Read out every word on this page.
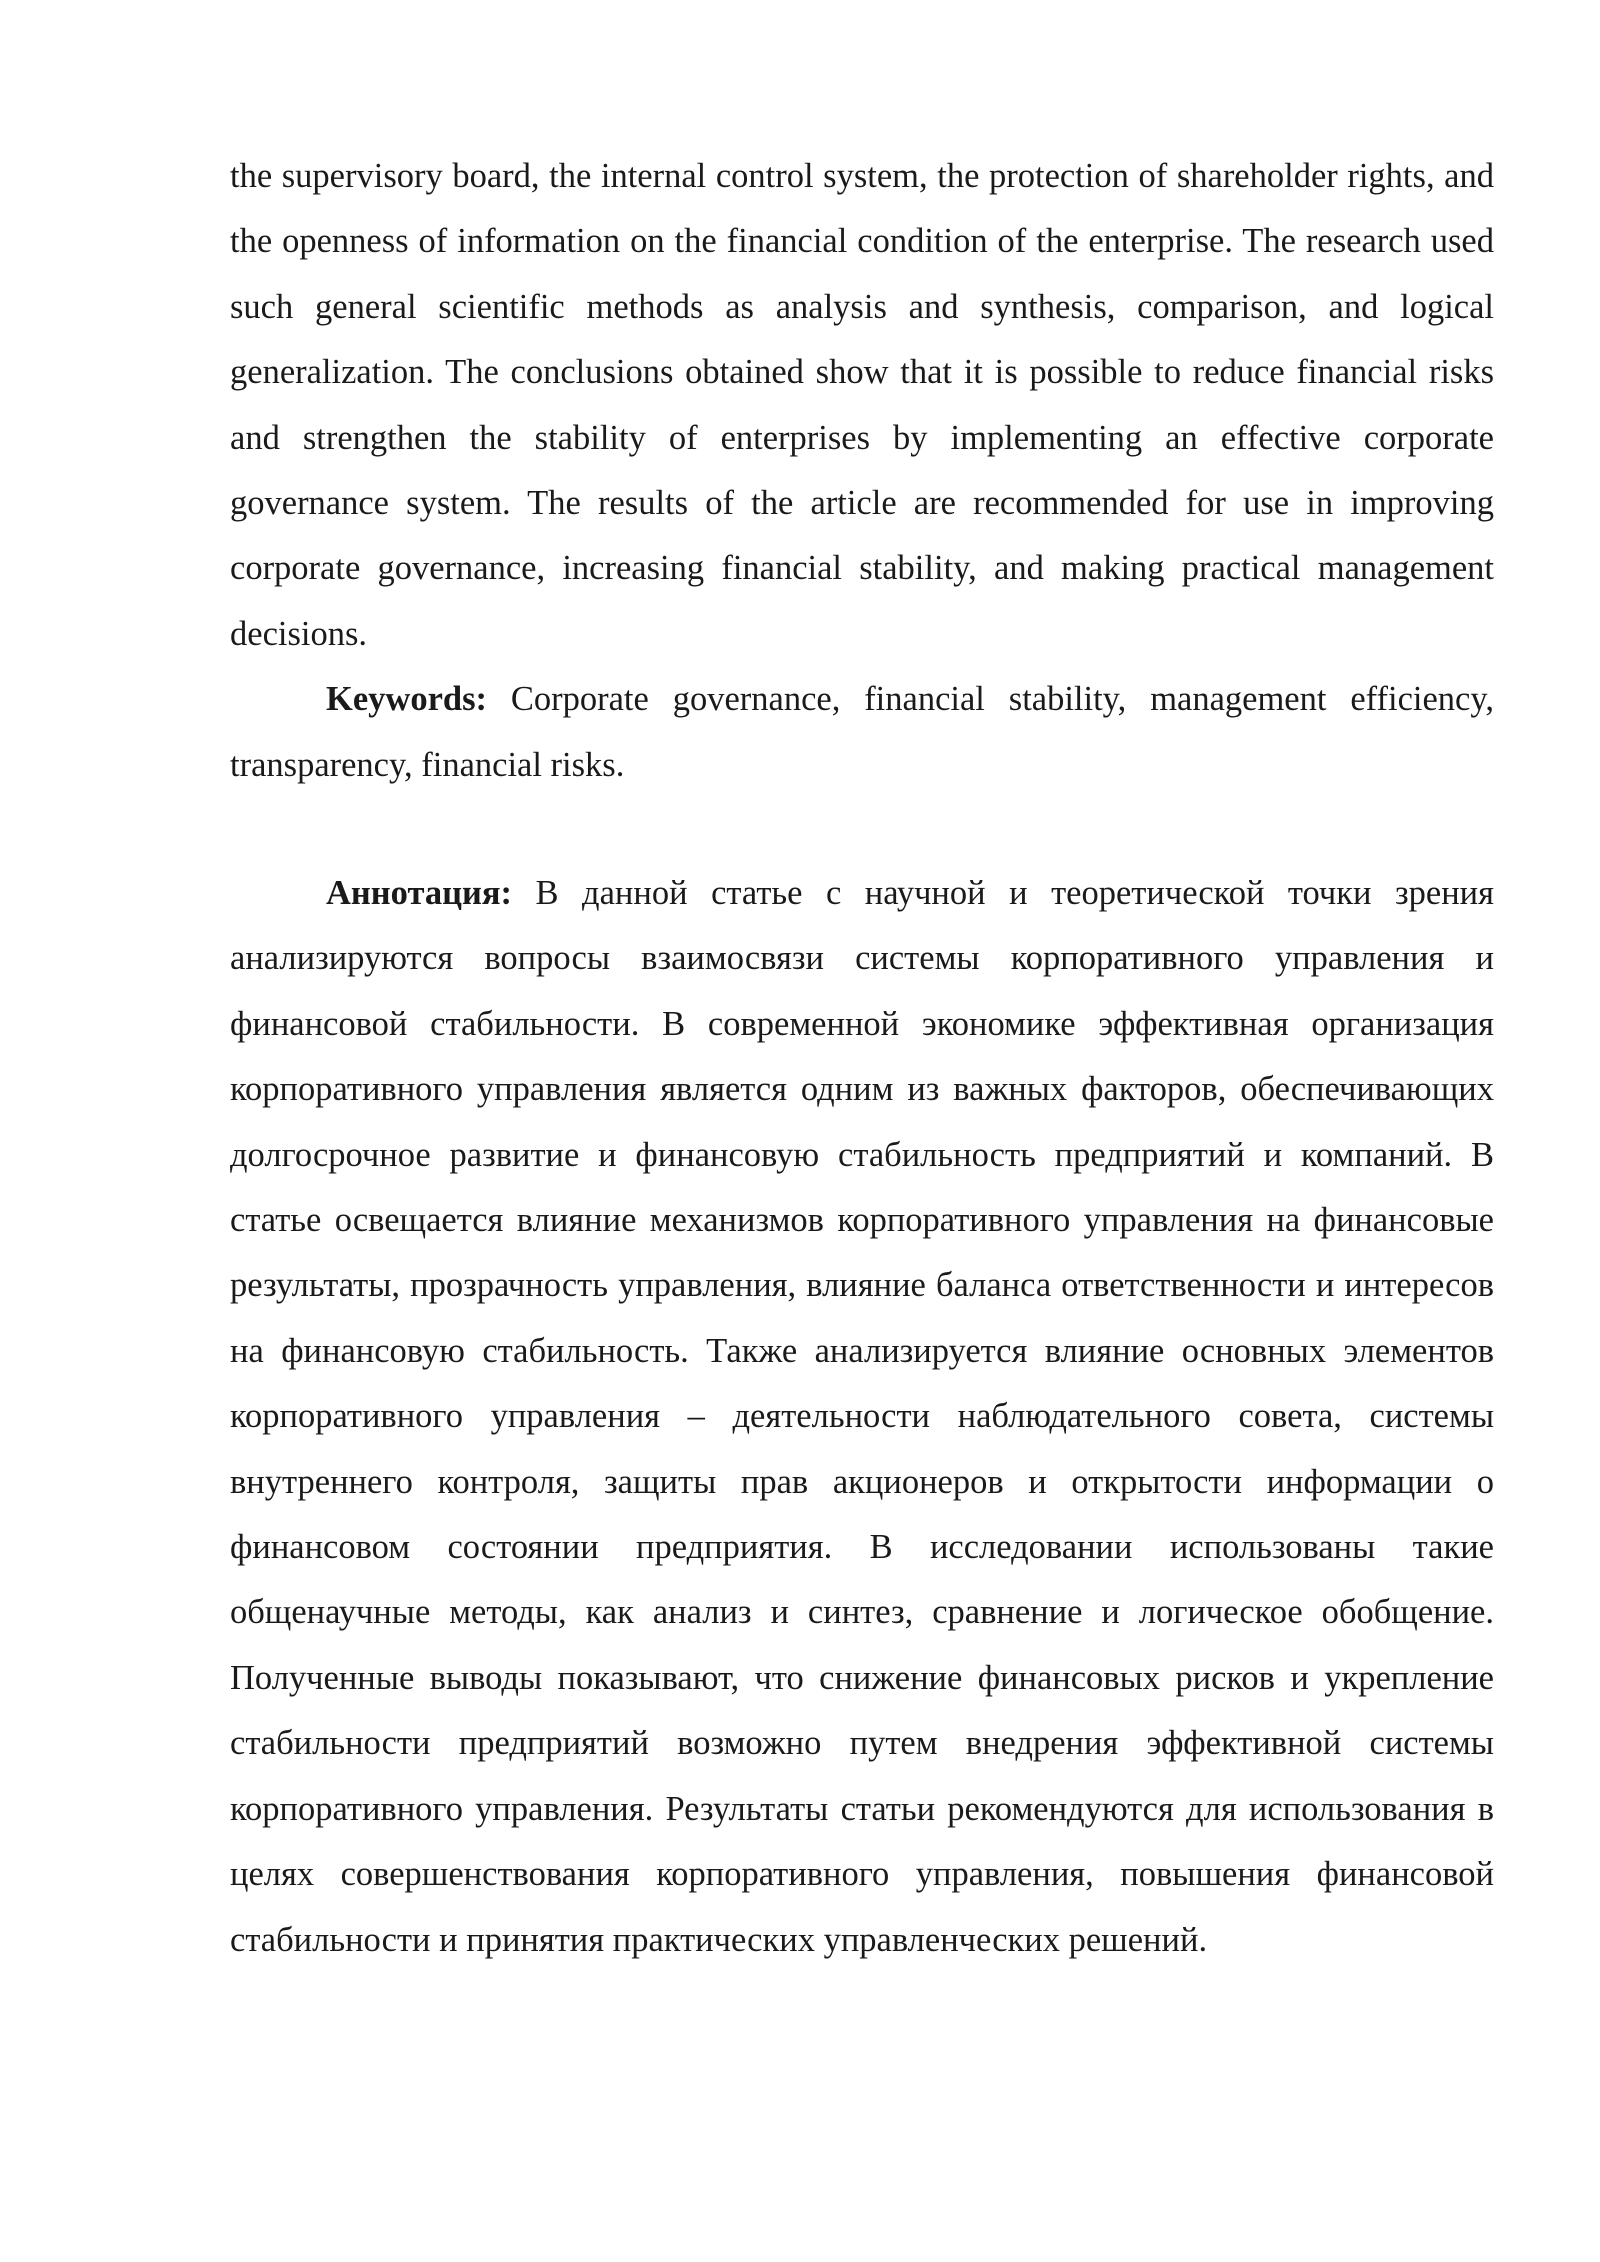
the supervisory board, the internal control system, the protection of shareholder rights, and the openness of information on the financial condition of the enterprise. The research used such general scientific methods as analysis and synthesis, comparison, and logical generalization. The conclusions obtained show that it is possible to reduce financial risks and strengthen the stability of enterprises by implementing an effective corporate governance system. The results of the article are recommended for use in improving corporate governance, increasing financial stability, and making practical management decisions.

Keywords: Corporate governance, financial stability, management efficiency, transparency, financial risks.

Аннотация: В данной статье с научной и теоретической точки зрения анализируются вопросы взаимосвязи системы корпоративного управления и финансовой стабильности. В современной экономике эффективная организация корпоративного управления является одним из важных факторов, обеспечивающих долгосрочное развитие и финансовую стабильность предприятий и компаний. В статье освещается влияние механизмов корпоративного управления на финансовые результаты, прозрачность управления, влияние баланса ответственности и интересов на финансовую стабильность. Также анализируется влияние основных элементов корпоративного управления – деятельности наблюдательного совета, системы внутреннего контроля, защиты прав акционеров и открытости информации о финансовом состоянии предприятия. В исследовании использованы такие общенаучные методы, как анализ и синтез, сравнение и логическое обобщение. Полученные выводы показывают, что снижение финансовых рисков и укрепление стабильности предприятий возможно путем внедрения эффективной системы корпоративного управления. Результаты статьи рекомендуются для использования в целях совершенствования корпоративного управления, повышения финансовой стабильности и принятия практических управленческих решений.
